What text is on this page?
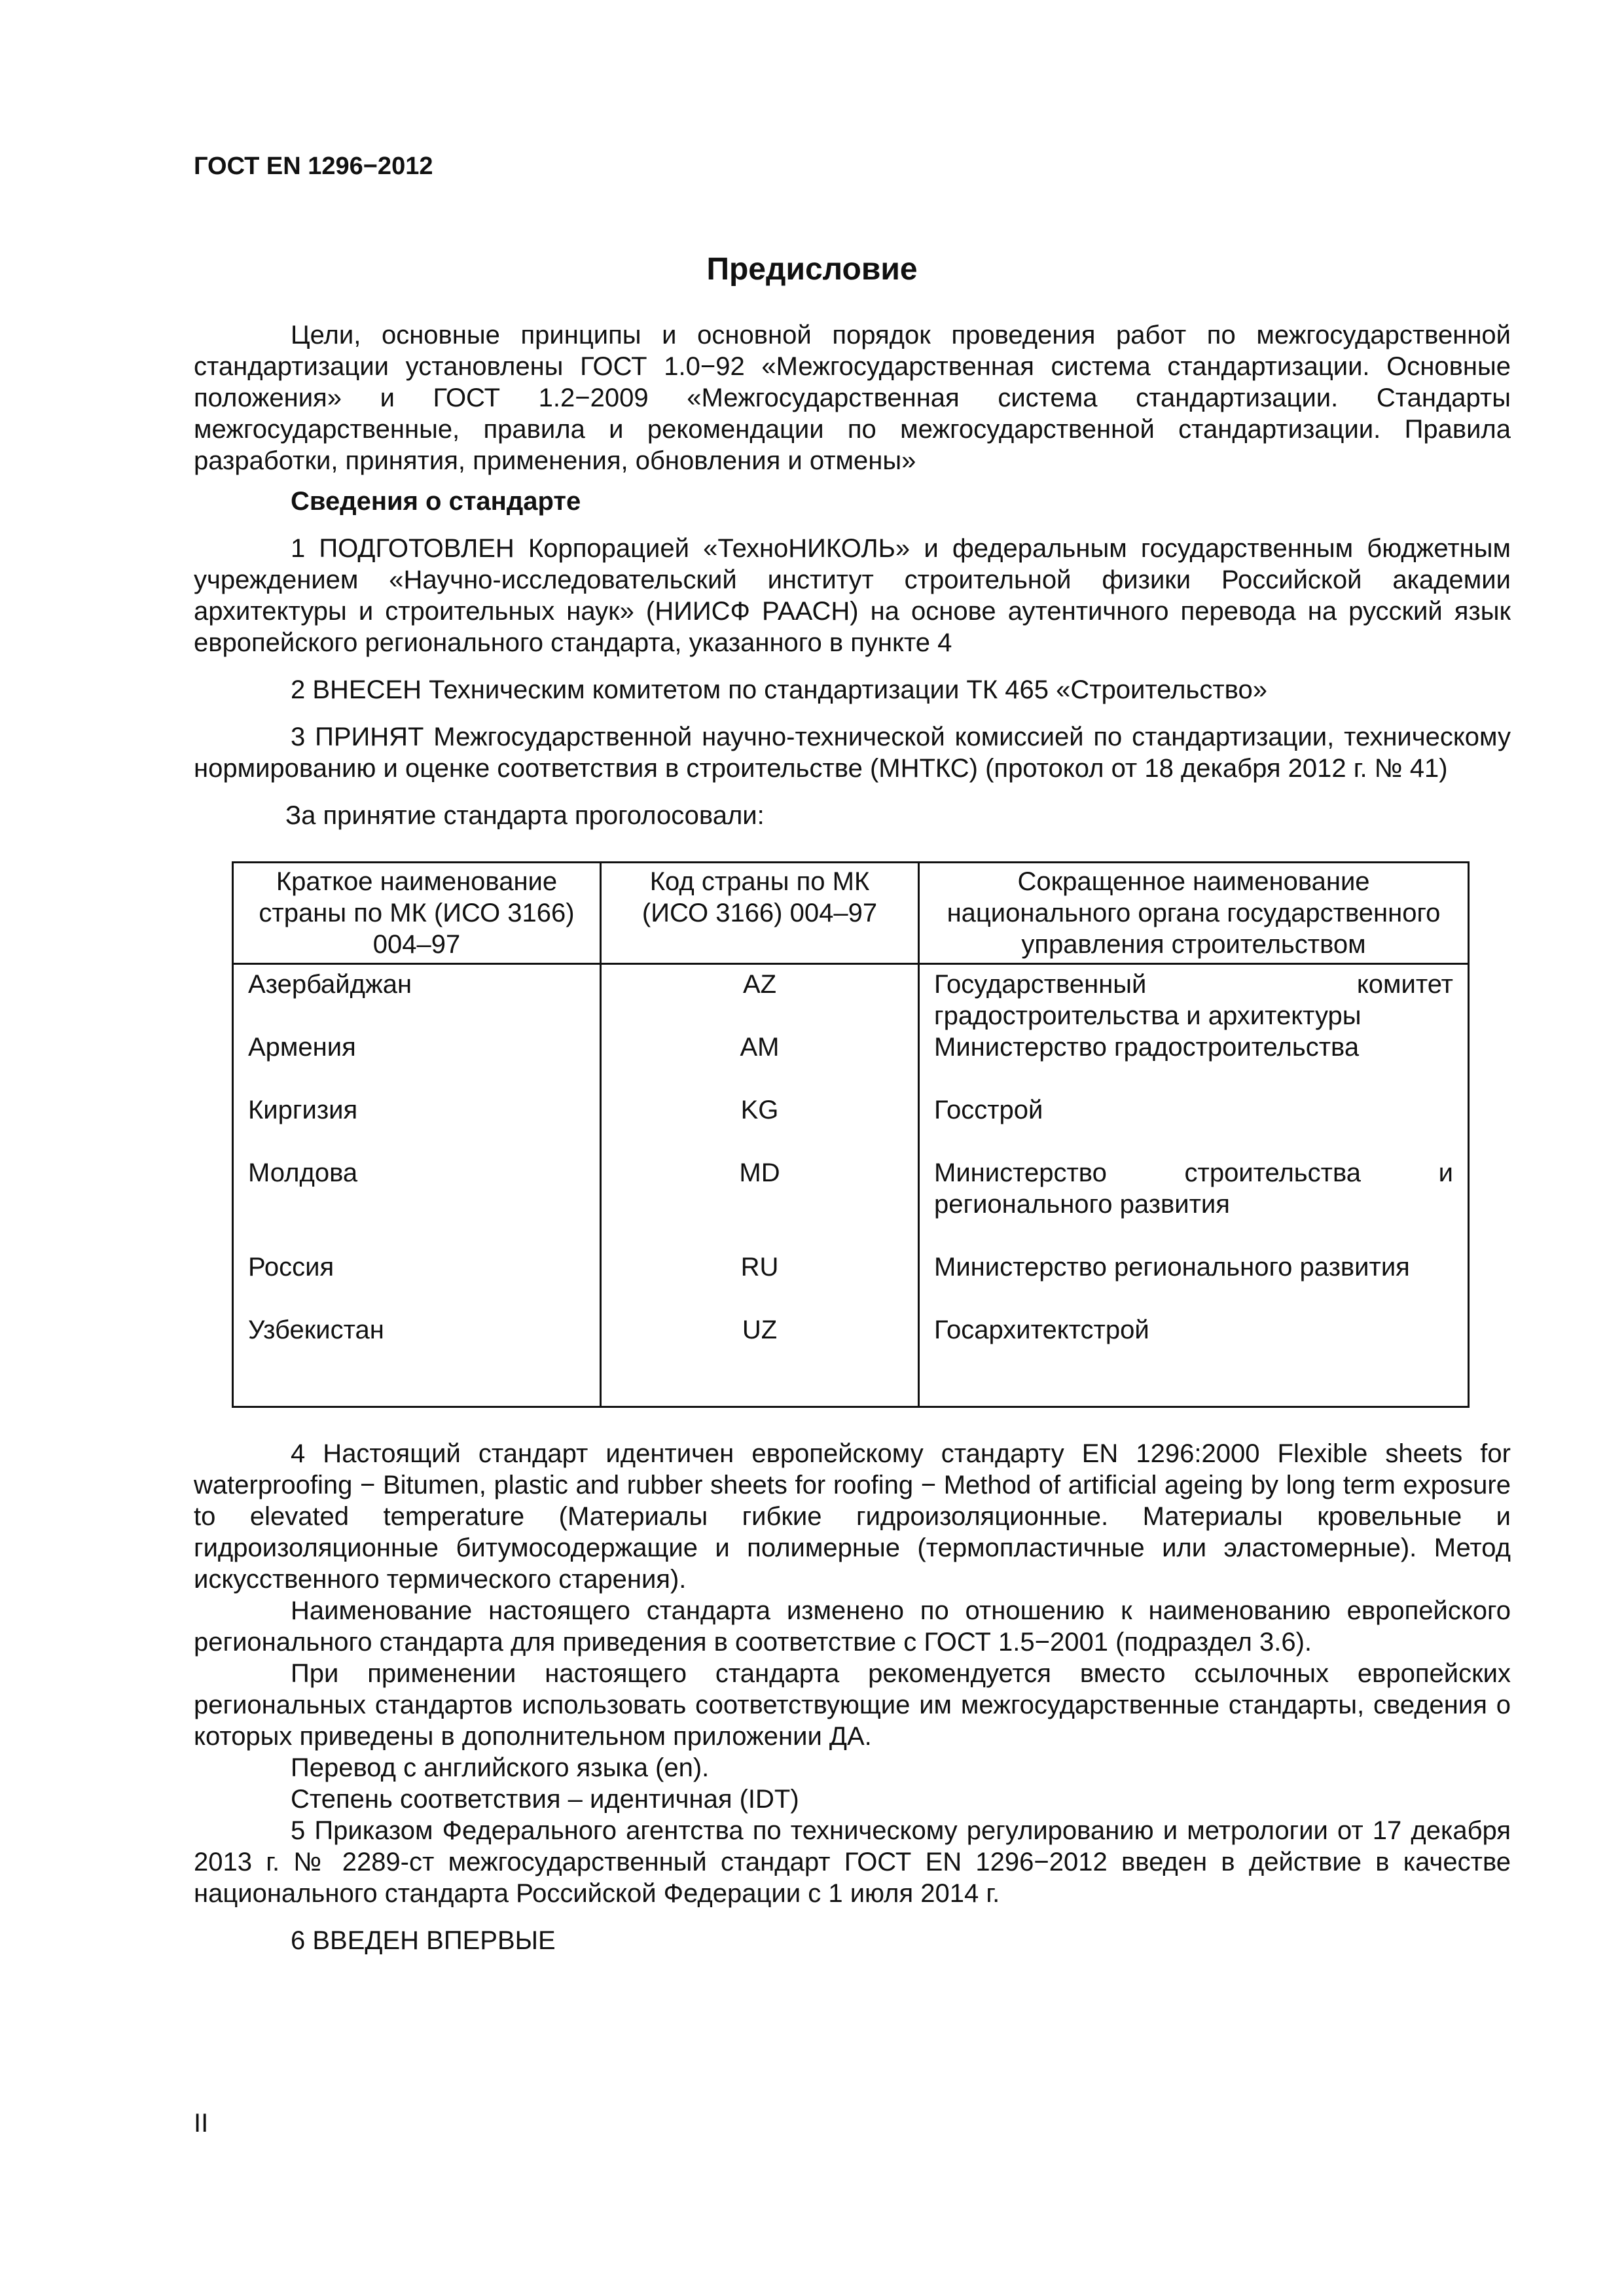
ГОСТ EN 1296−2012
Предисловие

Цели, основные принципы и основной порядок проведения работ по межгосударственной стандартизации установлены ГОСТ 1.0−92 «Межгосударственная система стандартизации. Основные положения» и ГОСТ 1.2−2009 «Межгосударственная система стандартизации. Стандарты межгосударственные, правила и рекомендации по межгосударственной стандартизации. Правила разработки, принятия, применения, обновления и отмены»

Сведения о стандарте

1 ПОДГОТОВЛЕН Корпорацией «ТехноНИКОЛЬ» и федеральным государственным бюджетным учреждением «Научно-исследовательский институт строительной физики Российской академии архитектуры и строительных наук» (НИИСФ РААСН) на основе аутентичного перевода на русский язык европейского регионального стандарта, указанного в пункте 4

2 ВНЕСЕН Техническим комитетом по стандартизации ТК 465 «Строительство»

3 ПРИНЯТ Межгосударственной научно-технической комиссией по стандартизации, техническому нормированию и оценке соответствия в строительстве (МНТКС) (протокол от 18 декабря 2012 г. № 41)

За принятие стандарта проголосовали:

Краткое наименование страны по МК (ИСО 3166) 004–97	Код страны по МК (ИСО 3166) 004–97	Сокращенное наименование национального органа государственного управления строительством
Азербайджан	AZ	Государственный комитет градостроительства и архитектуры
Армения	AM	Министерство градостроительства
Киргизия	KG	Госстрой
Молдова	MD	Министерство строительства и регионального развития
Россия	RU	Министерство регионального развития
Узбекистан	UZ	Госархитектстрой

4 Настоящий стандарт идентичен европейскому стандарту EN 1296:2000 Flexible sheets for waterproofing − Bitumen, plastic and rubber sheets for roofing − Method of artificial ageing by long term exposure to elevated temperature (Материалы гибкие гидроизоляционные. Материалы кровельные и гидроизоляционные битумосодержащие и полимерные (термопластичные или эластомерные). Метод искусственного термического старения).

Наименование настоящего стандарта изменено по отношению к наименованию европейского регионального стандарта для приведения в соответствие с ГОСТ 1.5−2001 (подраздел 3.6).

При применении настоящего стандарта рекомендуется вместо ссылочных европейских региональных стандартов использовать соответствующие им межгосударственные стандарты, сведения о которых приведены в дополнительном приложении ДА.

Перевод с английского языка (en).

Степень соответствия – идентичная (IDT)

5 Приказом Федерального агентства по техническому регулированию и метрологии от 17 декабря 2013 г. № 2289-ст межгосударственный стандарт ГОСТ EN 1296−2012 введен в действие в качестве национального стандарта Российской Федерации с 1 июля 2014 г.

6 ВВЕДЕН ВПЕРВЫЕ

II
